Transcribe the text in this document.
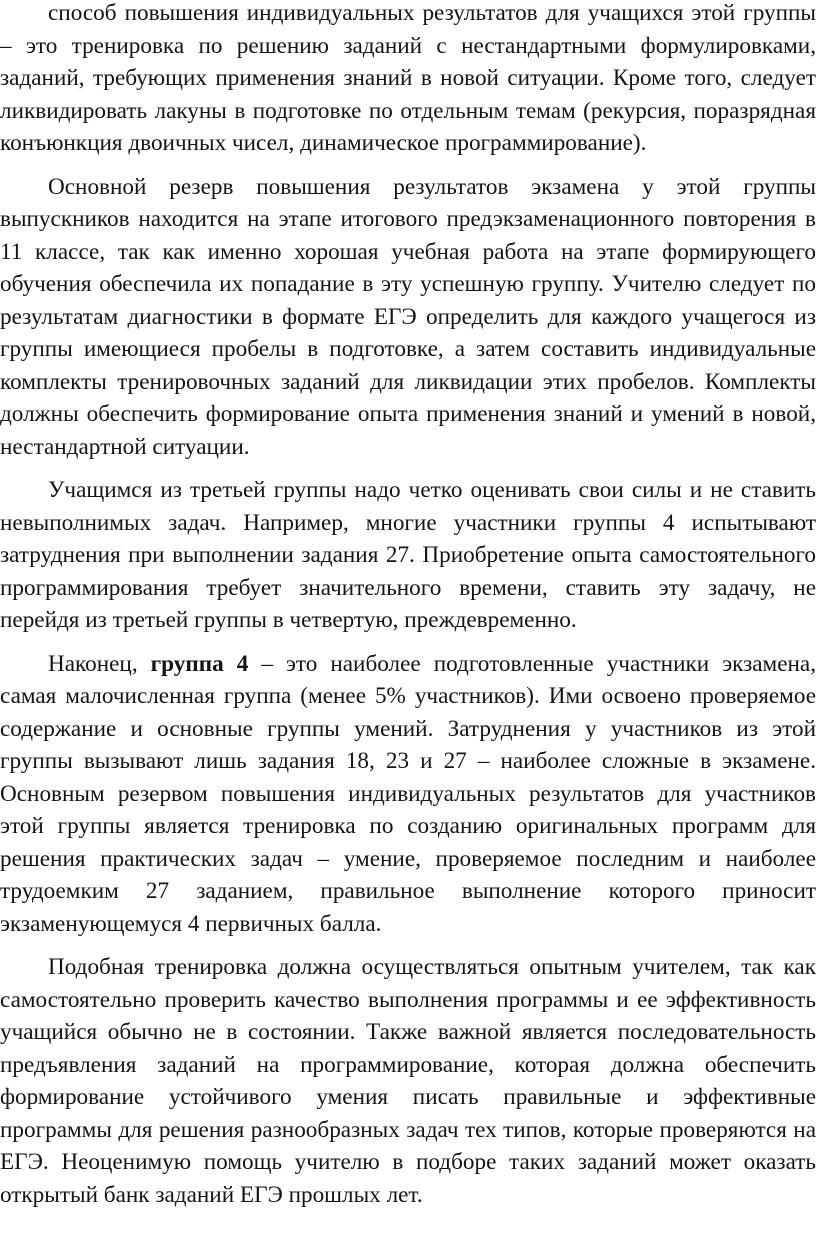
способ повышения индивидуальных результатов для учащихся этой группы – это тренировка по решению заданий с нестандартными формулировками, заданий, требующих применения знаний в новой ситуации. Кроме того, следует ликвидировать лакуны в подготовке по отдельным темам (рекурсия, поразрядная конъюнкция двоичных чисел, динамическое программирование).

Основной резерв повышения результатов экзамена у этой группы выпускников находится на этапе итогового предэкзаменационного повторения в 11 классе, так как именно хорошая учебная работа на этапе формирующего обучения обеспечила их попадание в эту успешную группу. Учителю следует по результатам диагностики в формате ЕГЭ определить для каждого учащегося из группы имеющиеся пробелы в подготовке, а затем составить индивидуальные комплекты тренировочных заданий для ликвидации этих пробелов. Комплекты должны обеспечить формирование опыта применения знаний и умений в новой, нестандартной ситуации.

Учащимся из третьей группы надо четко оценивать свои силы и не ставить невыполнимых задач. Например, многие участники группы 4 испытывают затруднения при выполнении задания 27. Приобретение опыта самостоятельного программирования требует значительного времени, ставить эту задачу, не перейдя из третьей группы в четвертую, преждевременно.

Наконец, группа 4 – это наиболее подготовленные участники экзамена, самая малочисленная группа (менее 5% участников). Ими освоено проверяемое содержание и основные группы умений. Затруднения у участников из этой группы вызывают лишь задания 18, 23 и 27 – наиболее сложные в экзамене. Основным резервом повышения индивидуальных результатов для участников этой группы является тренировка по созданию оригинальных программ для решения практических задач – умение, проверяемое последним и наиболее трудоемким 27 заданием, правильное выполнение которого приносит экзаменующемуся 4 первичных балла.

Подобная тренировка должна осуществляться опытным учителем, так как самостоятельно проверить качество выполнения программы и ее эффективность учащийся обычно не в состоянии. Также важной является последовательность предъявления заданий на программирование, которая должна обеспечить формирование устойчивого умения писать правильные и эффективные программы для решения разнообразных задач тех типов, которые проверяются на ЕГЭ. Неоценимую помощь учителю в подборе таких заданий может оказать открытый банк заданий ЕГЭ прошлых лет.
